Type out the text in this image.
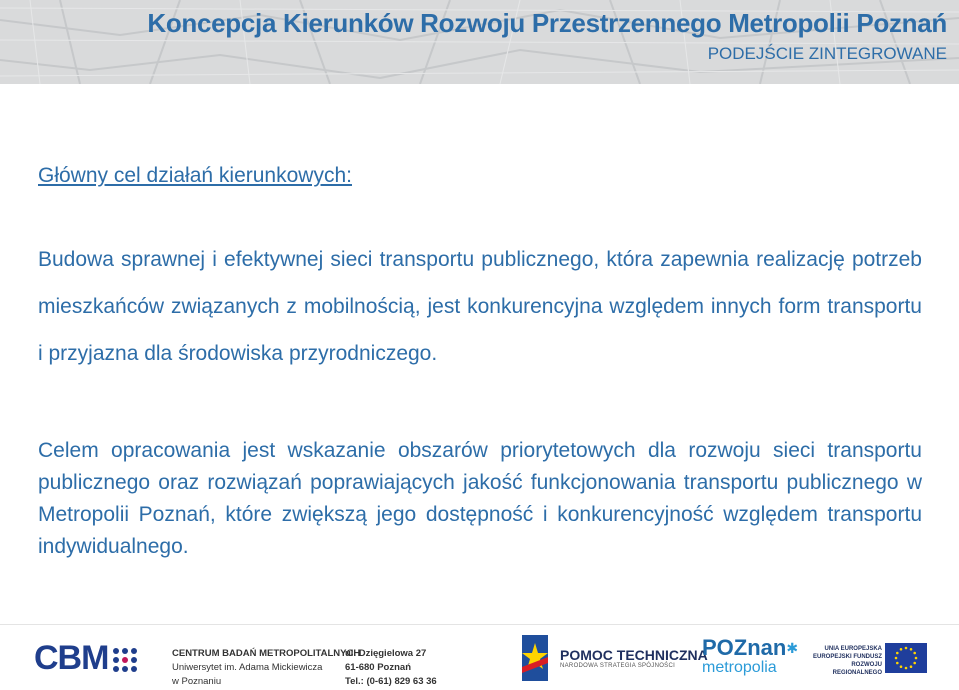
Koncepcja Kierunków Rozwoju Przestrzennego Metropolii Poznań
PODEJŚCIE ZINTEGROWANE
Główny cel działań kierunkowych:
Budowa sprawnej i efektywnej sieci transportu publicznego, która zapewnia realizację potrzeb mieszkańców związanych z mobilnością, jest konkurencyjna względem innych form transportu i przyjazna dla środowiska przyrodniczego.
Celem opracowania jest wskazanie obszarów priorytetowych dla rozwoju sieci transportu publicznego oraz rozwiązań poprawiających jakość funkcjonowania transportu publicznego w Metropolii Poznań, które zwiększą jego dostępność i konkurencyjność względem transportu indywidualnego.
CBM	CENTRUM BADAŃ METROPOLITALNYCH
Uniwersytet im. Adama Mickiewicza
w Poznaniu
ul. Dzięgielowa 27
61-680 Poznań
Tel.: (0-61) 829 63 36
POMOC TECHNICZNA
NARODOWA STRATEGIA SPÓJNOŚCI
POZnan✱
metropolia
UNIA EUROPEJSKA
EUROPEJSKI FUNDUSZ
ROZWOJU REGIONALNEGO
